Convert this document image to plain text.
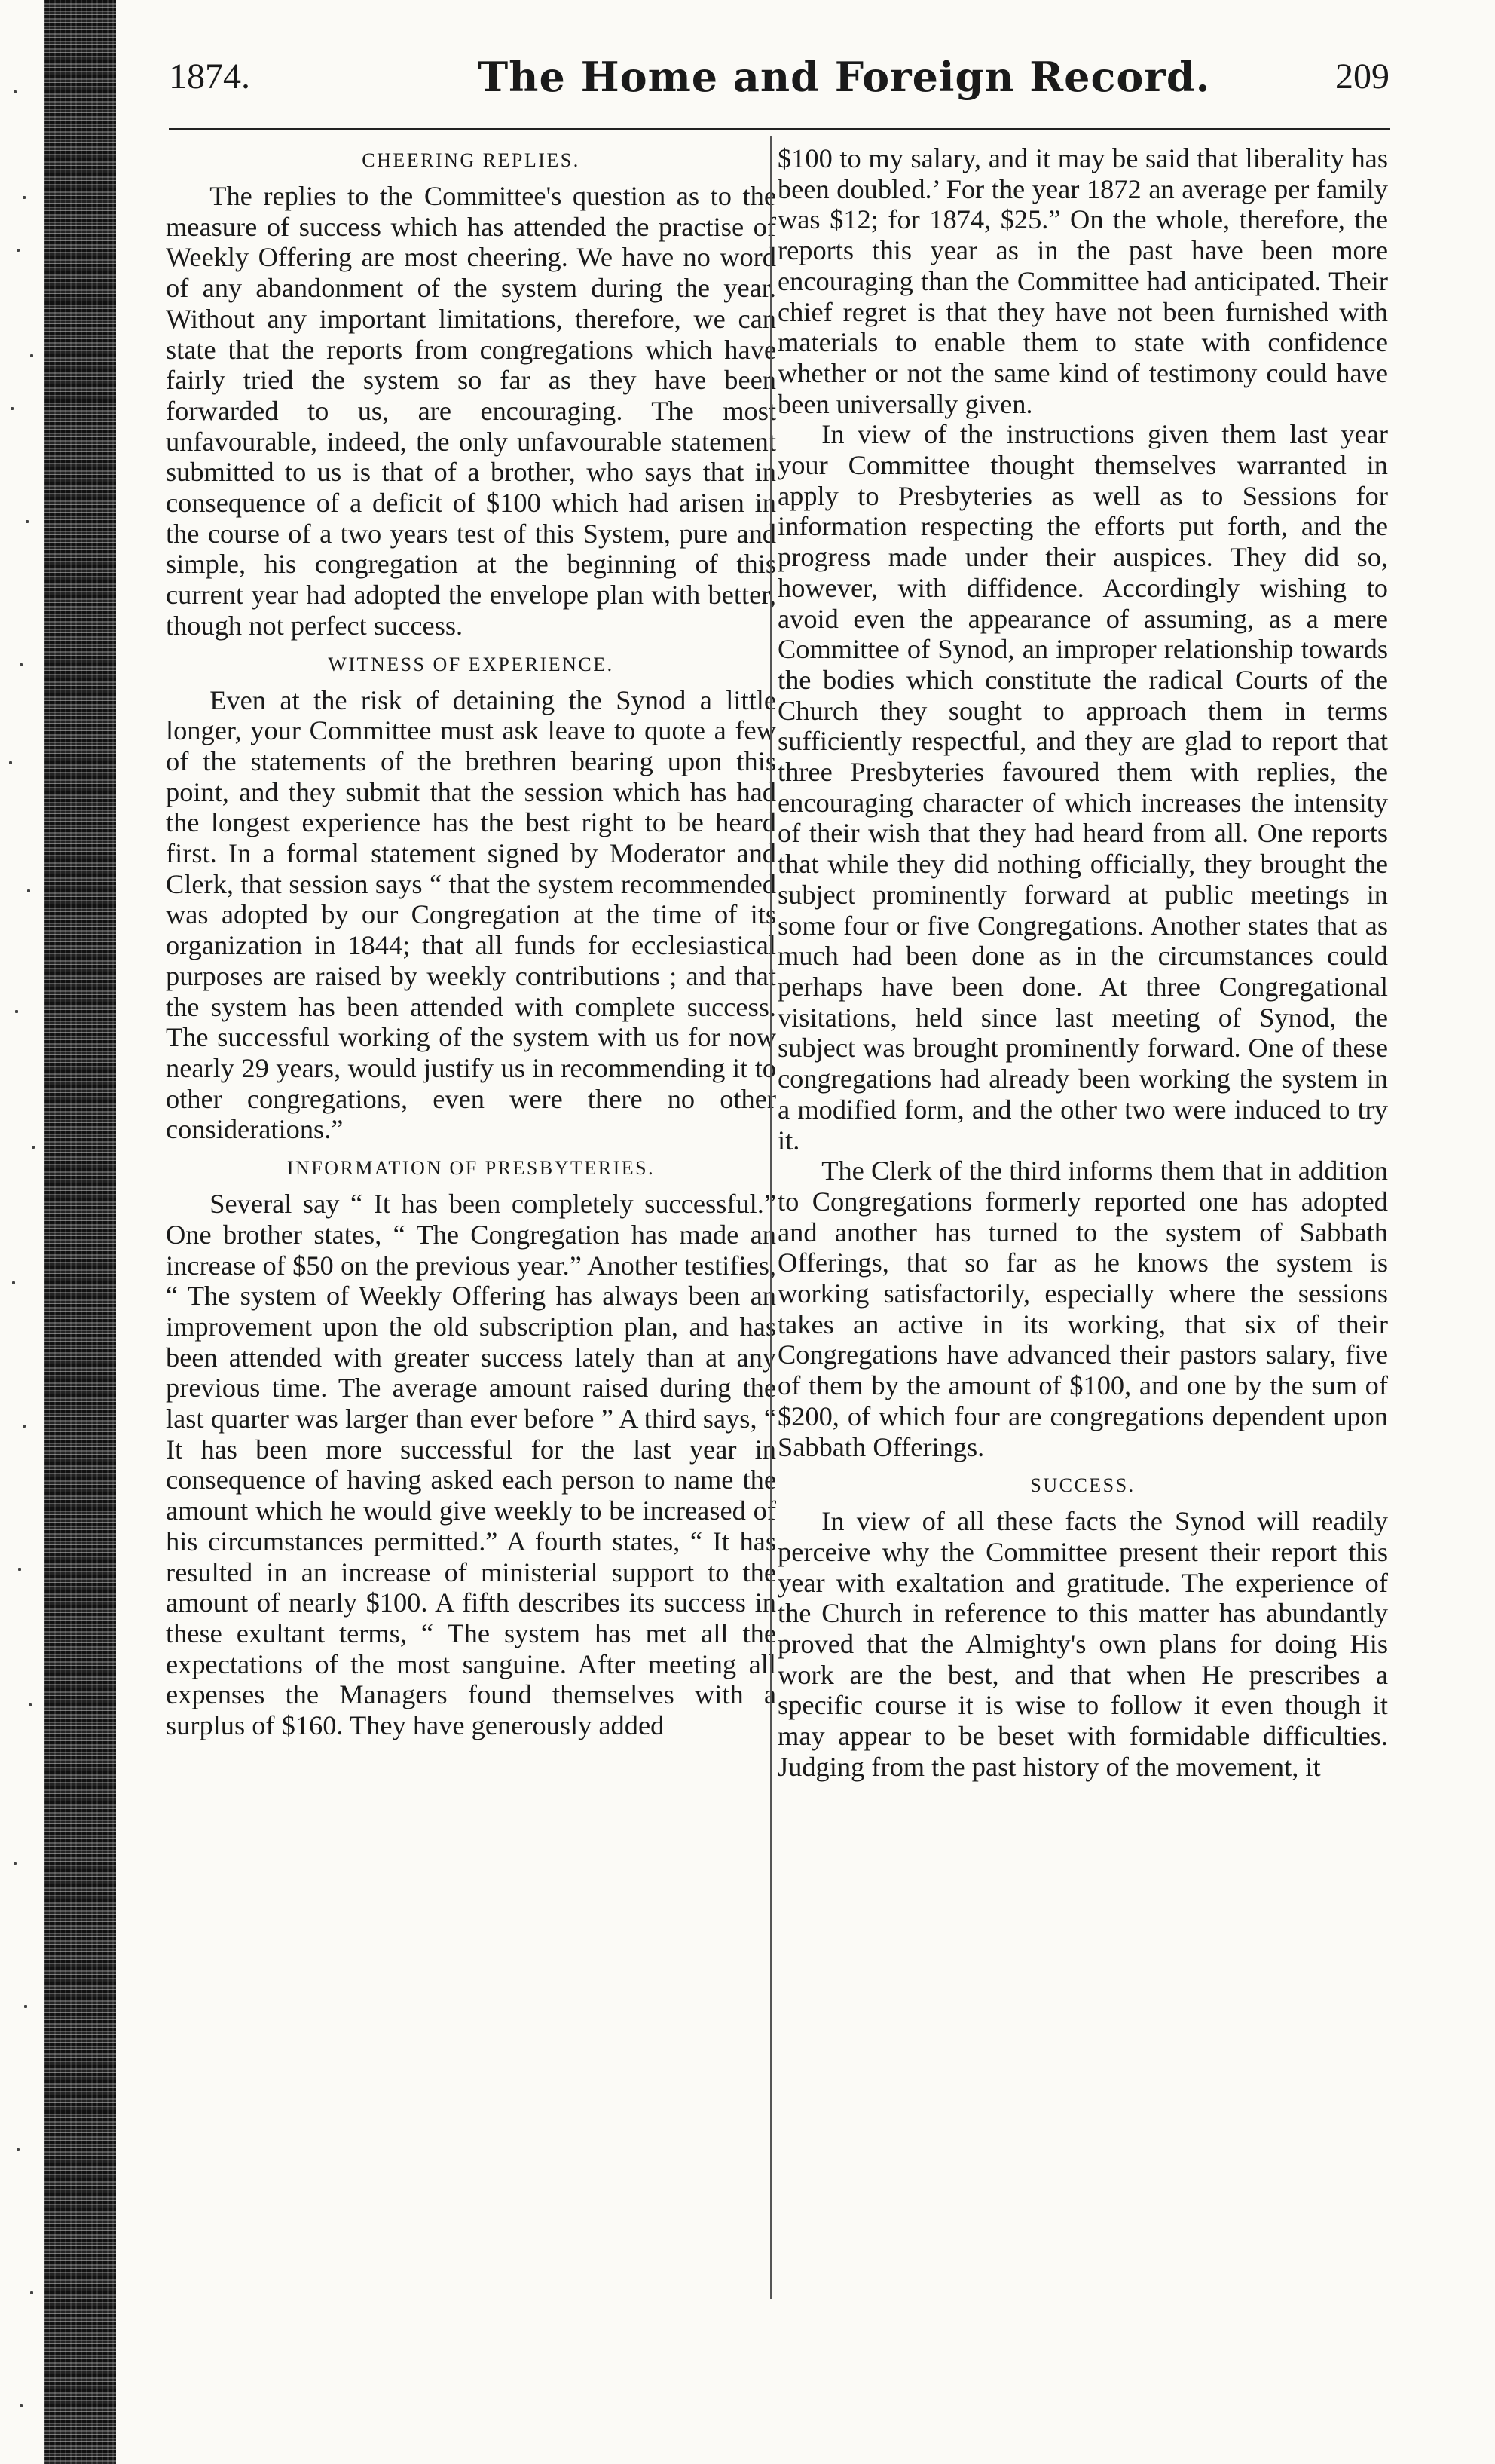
1874.	The Home and Foreign Record.	209
CHEERING REPLIES.

The replies to the Committee's question as to the measure of success which has attended the practise of Weekly Offering are most cheering. We have no word of any abandonment of the system during the year. Without any important limitations, therefore, we can state that the reports from congregations which have fairly tried the system so far as they have been forwarded to us, are encouraging. The most unfavourable, indeed, the only unfavourable statement submitted to us is that of a brother, who says that in consequence of a deficit of $100 which had arisen in the course of a two years test of this System, pure and simple, his congregation at the beginning of this current year had adopted the envelope plan with better, though not perfect success.

WITNESS OF EXPERIENCE.

Even at the risk of detaining the Synod a little longer, your Committee must ask leave to quote a few of the statements of the brethren bearing upon this point, and they submit that the session which has had the longest experience has the best right to be heard first. In a formal statement signed by Moderator and Clerk, that session says “ that the system recommended was adopted by our Congregation at the time of its organization in 1844; that all funds for ecclesiastical purposes are raised by weekly contributions ; and that the system has been attended with complete success. The successful working of the system with us for now nearly 29 years, would justify us in recommending it to other congregations, even were there no other considerations.”

INFORMATION OF PRESBYTERIES.

Several say “ It has been completely successful.” One brother states, “ The Congregation has made an increase of $50 on the previous year.” Another testifies, “ The system of Weekly Offering has always been an improvement upon the old subscription plan, and has been attended with greater success lately than at any previous time. The average amount raised during the last quarter was larger than ever before ” A third says, “ It has been more successful for the last year in consequence of having asked each person to name the amount which he would give weekly to be increased of his circumstances permitted.” A fourth states, “ It has resulted in an increase of ministerial support to the amount of nearly $100. A fifth describes its success in these exultant terms, “ The system has met all the expectations of the most sanguine. After meeting all expenses the Managers found themselves with a surplus of $160. They have generously added

$100 to my salary, and it may be said that liberality has been doubled.’ For the year 1872 an average per family was $12; for 1874, $25.” On the whole, therefore, the reports this year as in the past have been more encouraging than the Committee had anticipated. Their chief regret is that they have not been furnished with materials to enable them to state with confidence whether or not the same kind of testimony could have been universally given.

In view of the instructions given them last year your Committee thought themselves warranted in apply to Presbyteries as well as to Sessions for information respecting the efforts put forth, and the progress made under their auspices. They did so, however, with diffidence. Accordingly wishing to avoid even the appearance of assuming, as a mere Committee of Synod, an improper relationship towards the bodies which constitute the radical Courts of the Church they sought to approach them in terms sufficiently respectful, and they are glad to report that three Presbyteries favoured them with replies, the encouraging character of which increases the intensity of their wish that they had heard from all. One reports that while they did nothing officially, they brought the subject prominently forward at public meetings in some four or five Congregations. Another states that as much had been done as in the circumstances could perhaps have been done. At three Congregational visitations, held since last meeting of Synod, the subject was brought prominently forward. One of these congregations had already been working the system in a modified form, and the other two were induced to try it.

The Clerk of the third informs them that in addition to Congregations formerly reported one has adopted and another has turned to the system of Sabbath Offerings, that so far as he knows the system is working satisfactorily, especially where the sessions takes an active in its working, that six of their Congregations have advanced their pastors salary, five of them by the amount of $100, and one by the sum of $200, of which four are congregations dependent upon Sabbath Offerings.

SUCCESS.

In view of all these facts the Synod will readily perceive why the Committee present their report this year with exaltation and gratitude. The experience of the Church in reference to this matter has abundantly proved that the Almighty's own plans for doing His work are the best, and that when He prescribes a specific course it is wise to follow it even though it may appear to be beset with formidable difficulties. Judging from the past history of the movement, it
